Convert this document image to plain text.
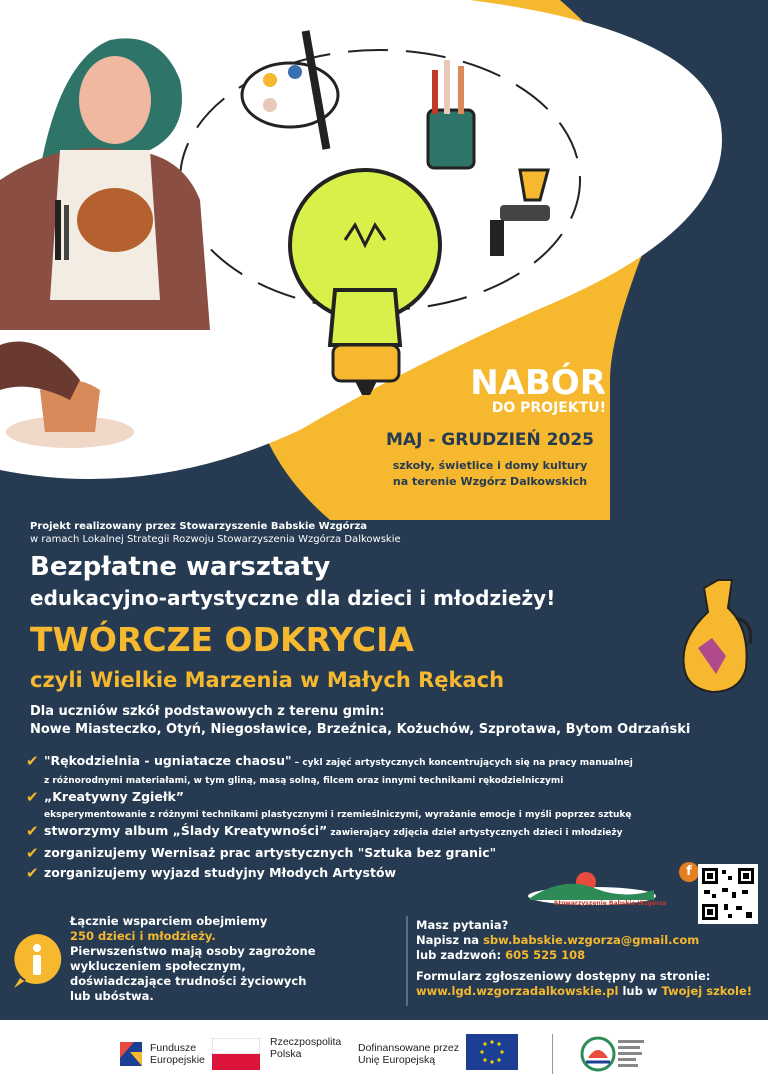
NABÓR
DO PROJEKTU!
MAJ - GRUDZIEŃ 2025
szkoły, świetlice i domy kultury
na terenie Wzgórz Dalkowskich
Projekt realizowany przez Stowarzyszenie Babskie Wzgórza
w ramach Lokalnej Strategii Rozwoju Stowarzyszenia Wzgórza Dalkowskie
Bezpłatne warsztaty
edukacyjno-artystyczne dla dzieci i młodzieży!
TWÓRCZE ODKRYCIA
czyli Wielkie Marzenia w Małych Rękach
Dla uczniów szkół podstawowych z terenu gmin:
Nowe Miasteczko, Otyń, Niegosławice, Brzeźnica, Kożuchów, Szprotawa, Bytom Odrzański
✔ "Rękodzielnia - ugniatacze chaosu" – cykl zajęć artystycznych koncentrujących się na pracy manualnej
z różnorodnymi materiałami, w tym gliną, masą solną, filcem oraz innymi technikami rękodzielniczymi
✔ „Kreatywny Zgiełk”
eksperymentowanie z różnymi technikami plastycznymi i rzemieślniczymi, wyrażanie emocje i myśli poprzez sztukę
✔ stworzymy album „Ślady Kreatywności” zawierający zdjęcia dzieł artystycznych dzieci i młodzieży
✔ zorganizujemy Wernisaż prac artystycznych "Sztuka bez granic"
✔ zorganizujemy wyjazd studyjny Młodych Artystów
Stowarzyszenie Babskie Wzgórza
f
Łącznie wsparciem obejmiemy
250 dzieci i młodzieży.
Pierwszeństwo mają osoby zagrożone
wykluczeniem społecznym,
doświadczające trudności życiowych
lub ubóstwa.
Masz pytania?
Napisz na sbw.babskie.wzgorza@gmail.com
lub zadzwoń: 605 525 108
Formularz zgłoszeniowy dostępny na stronie:
www.lgd.wzgorzadalkowskie.pl lub w Twojej szkole!
Fundusze
Europejskie
Rzeczpospolita
Polska	Dofinansowane przez
Unię Europejską
